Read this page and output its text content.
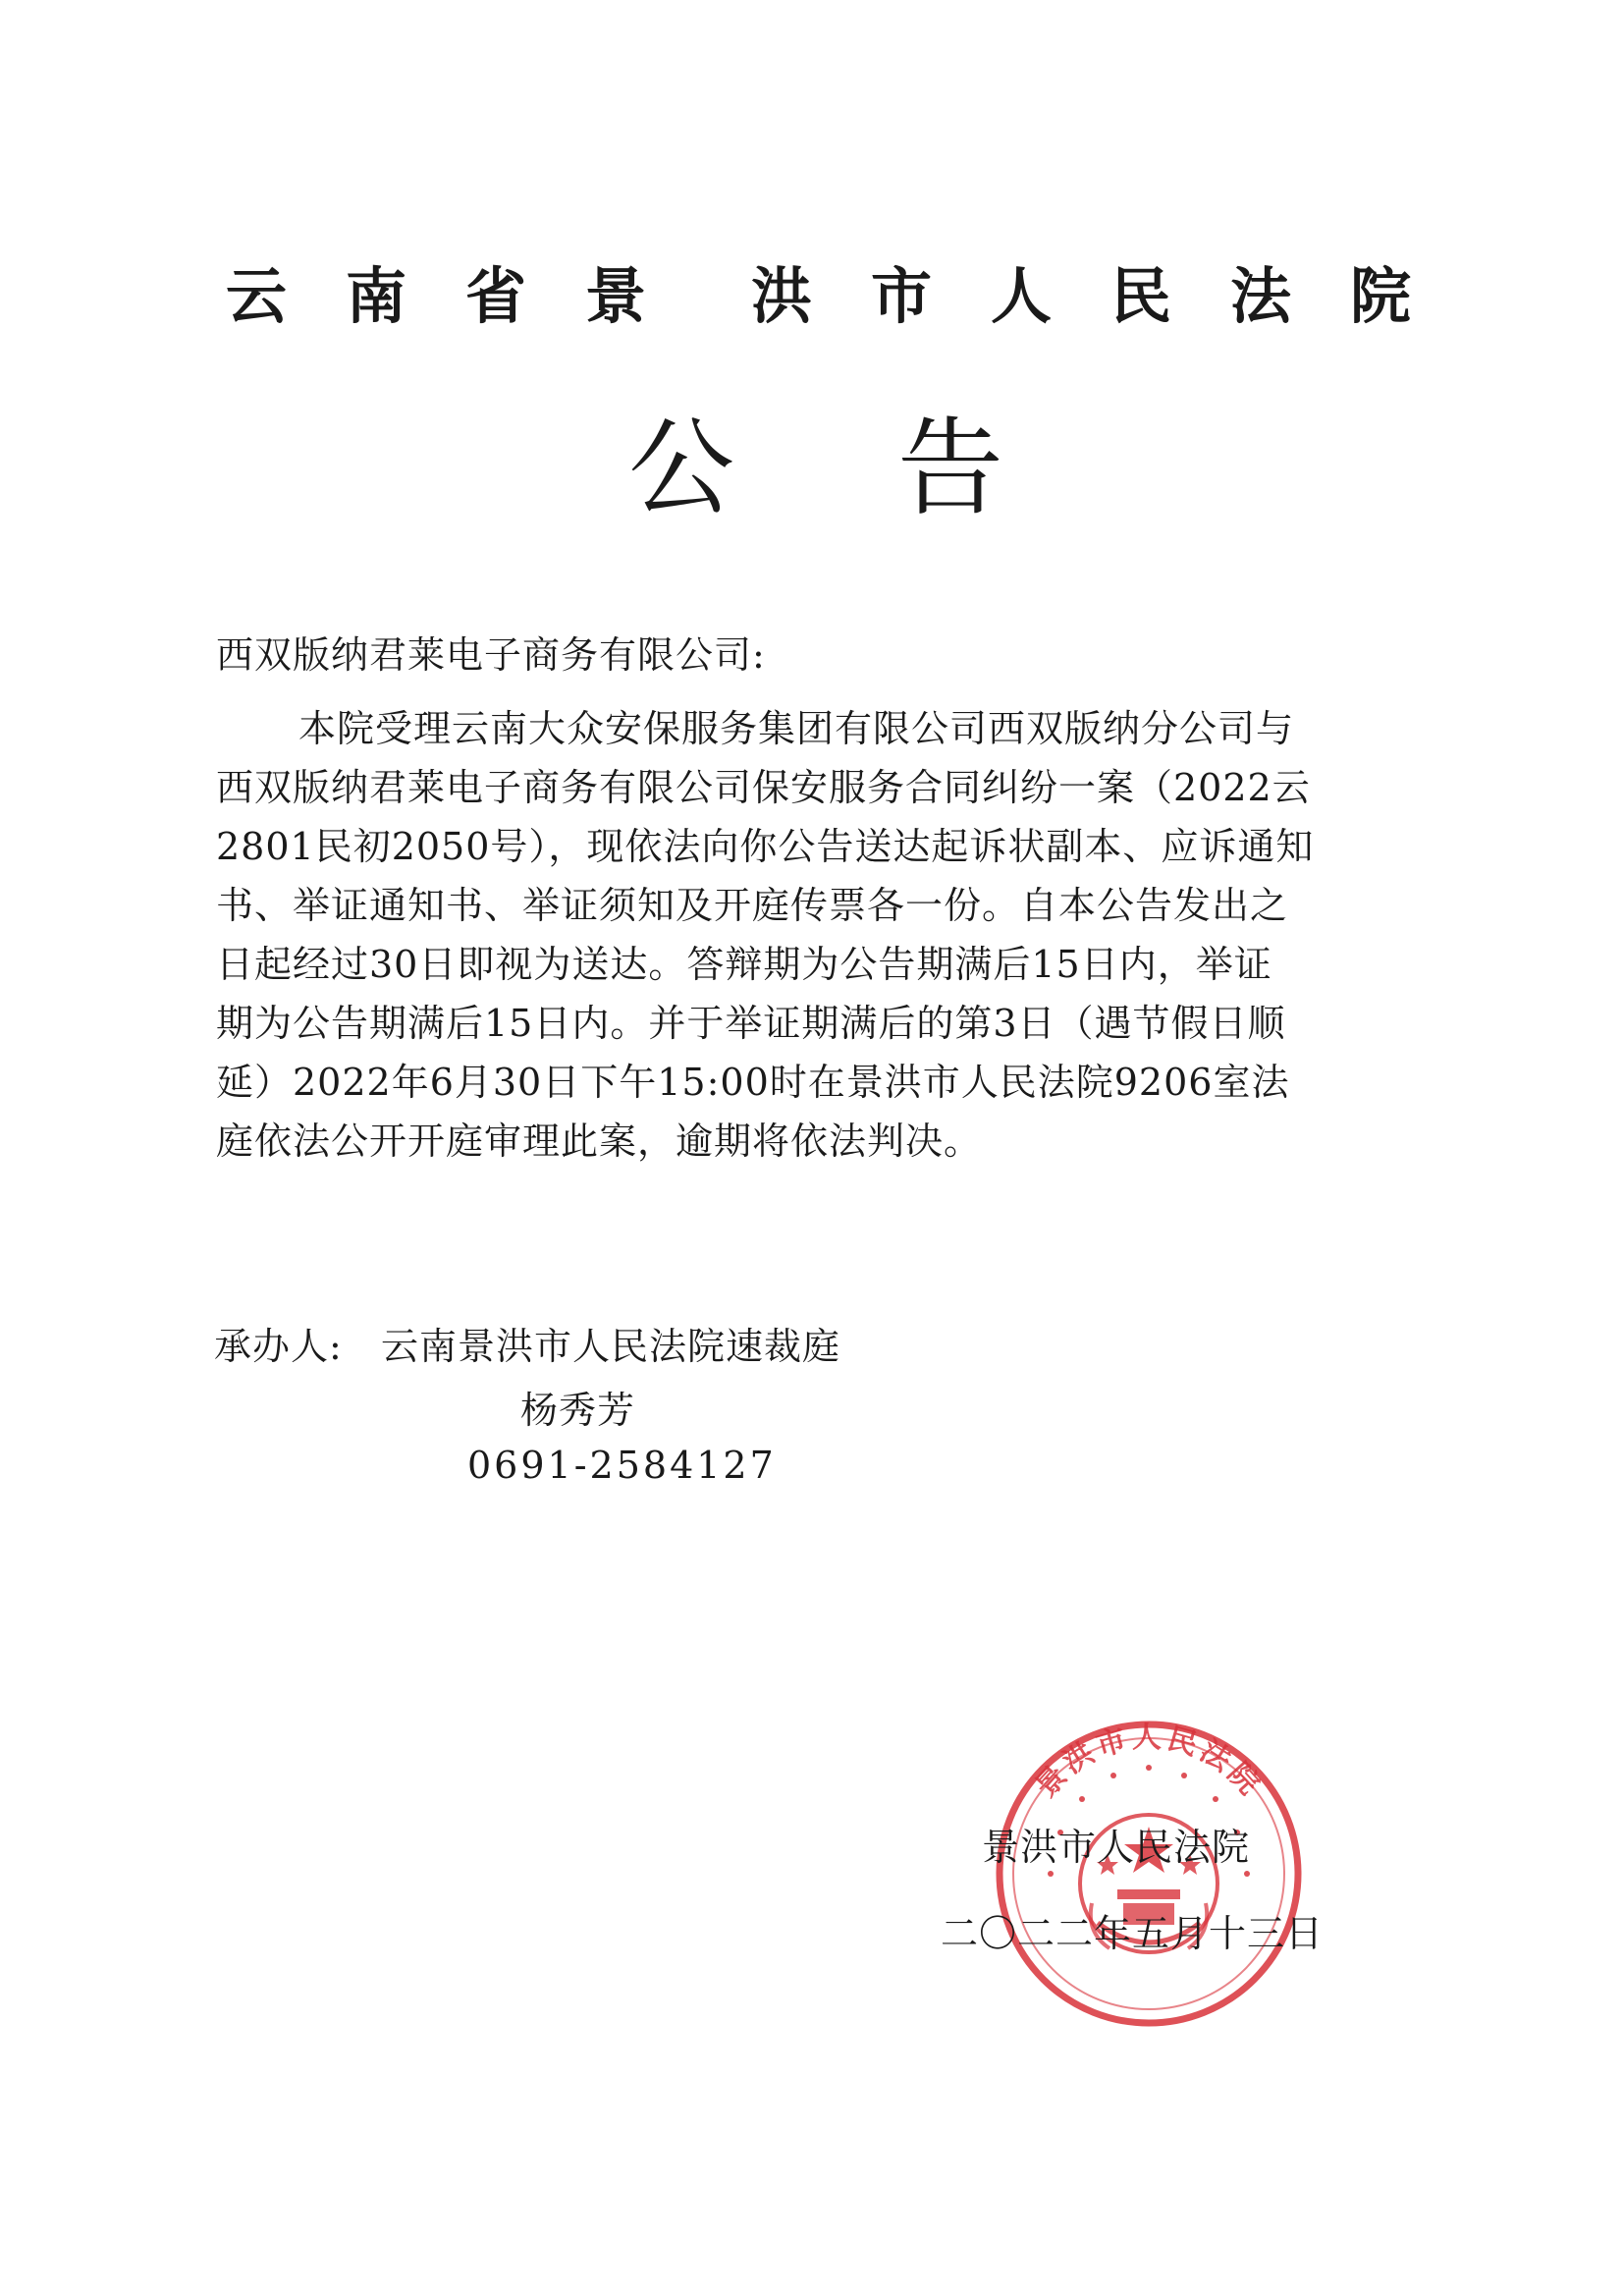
云 南 省 景 洪 市 人 民 法 院
公 告
西双版纳君莱电子商务有限公司:
本院受理云南大众安保服务集团有限公司西双版纳分公司与
西双版纳君莱电子商务有限公司保安服务合同纠纷一案（2022云
2801民初2050号），现依法向你公告送达起诉状副本、应诉通知
书、举证通知书、举证须知及开庭传票各一份。自本公告发出之
日起经过30日即视为送达。答辩期为公告期满后15日内，举证
期为公告期满后15日内。并于举证期满后的第3日（遇节假日顺
延）2022年6月30日下午15:00时在景洪市人民法院9206室法
庭依法公开开庭审理此案，逾期将依法判决。
承办人: 云南景洪市人民法院速裁庭
杨秀芳
0691-2584127
景洪市人民法院
景洪市人民法院
二〇二二年五月十三日
